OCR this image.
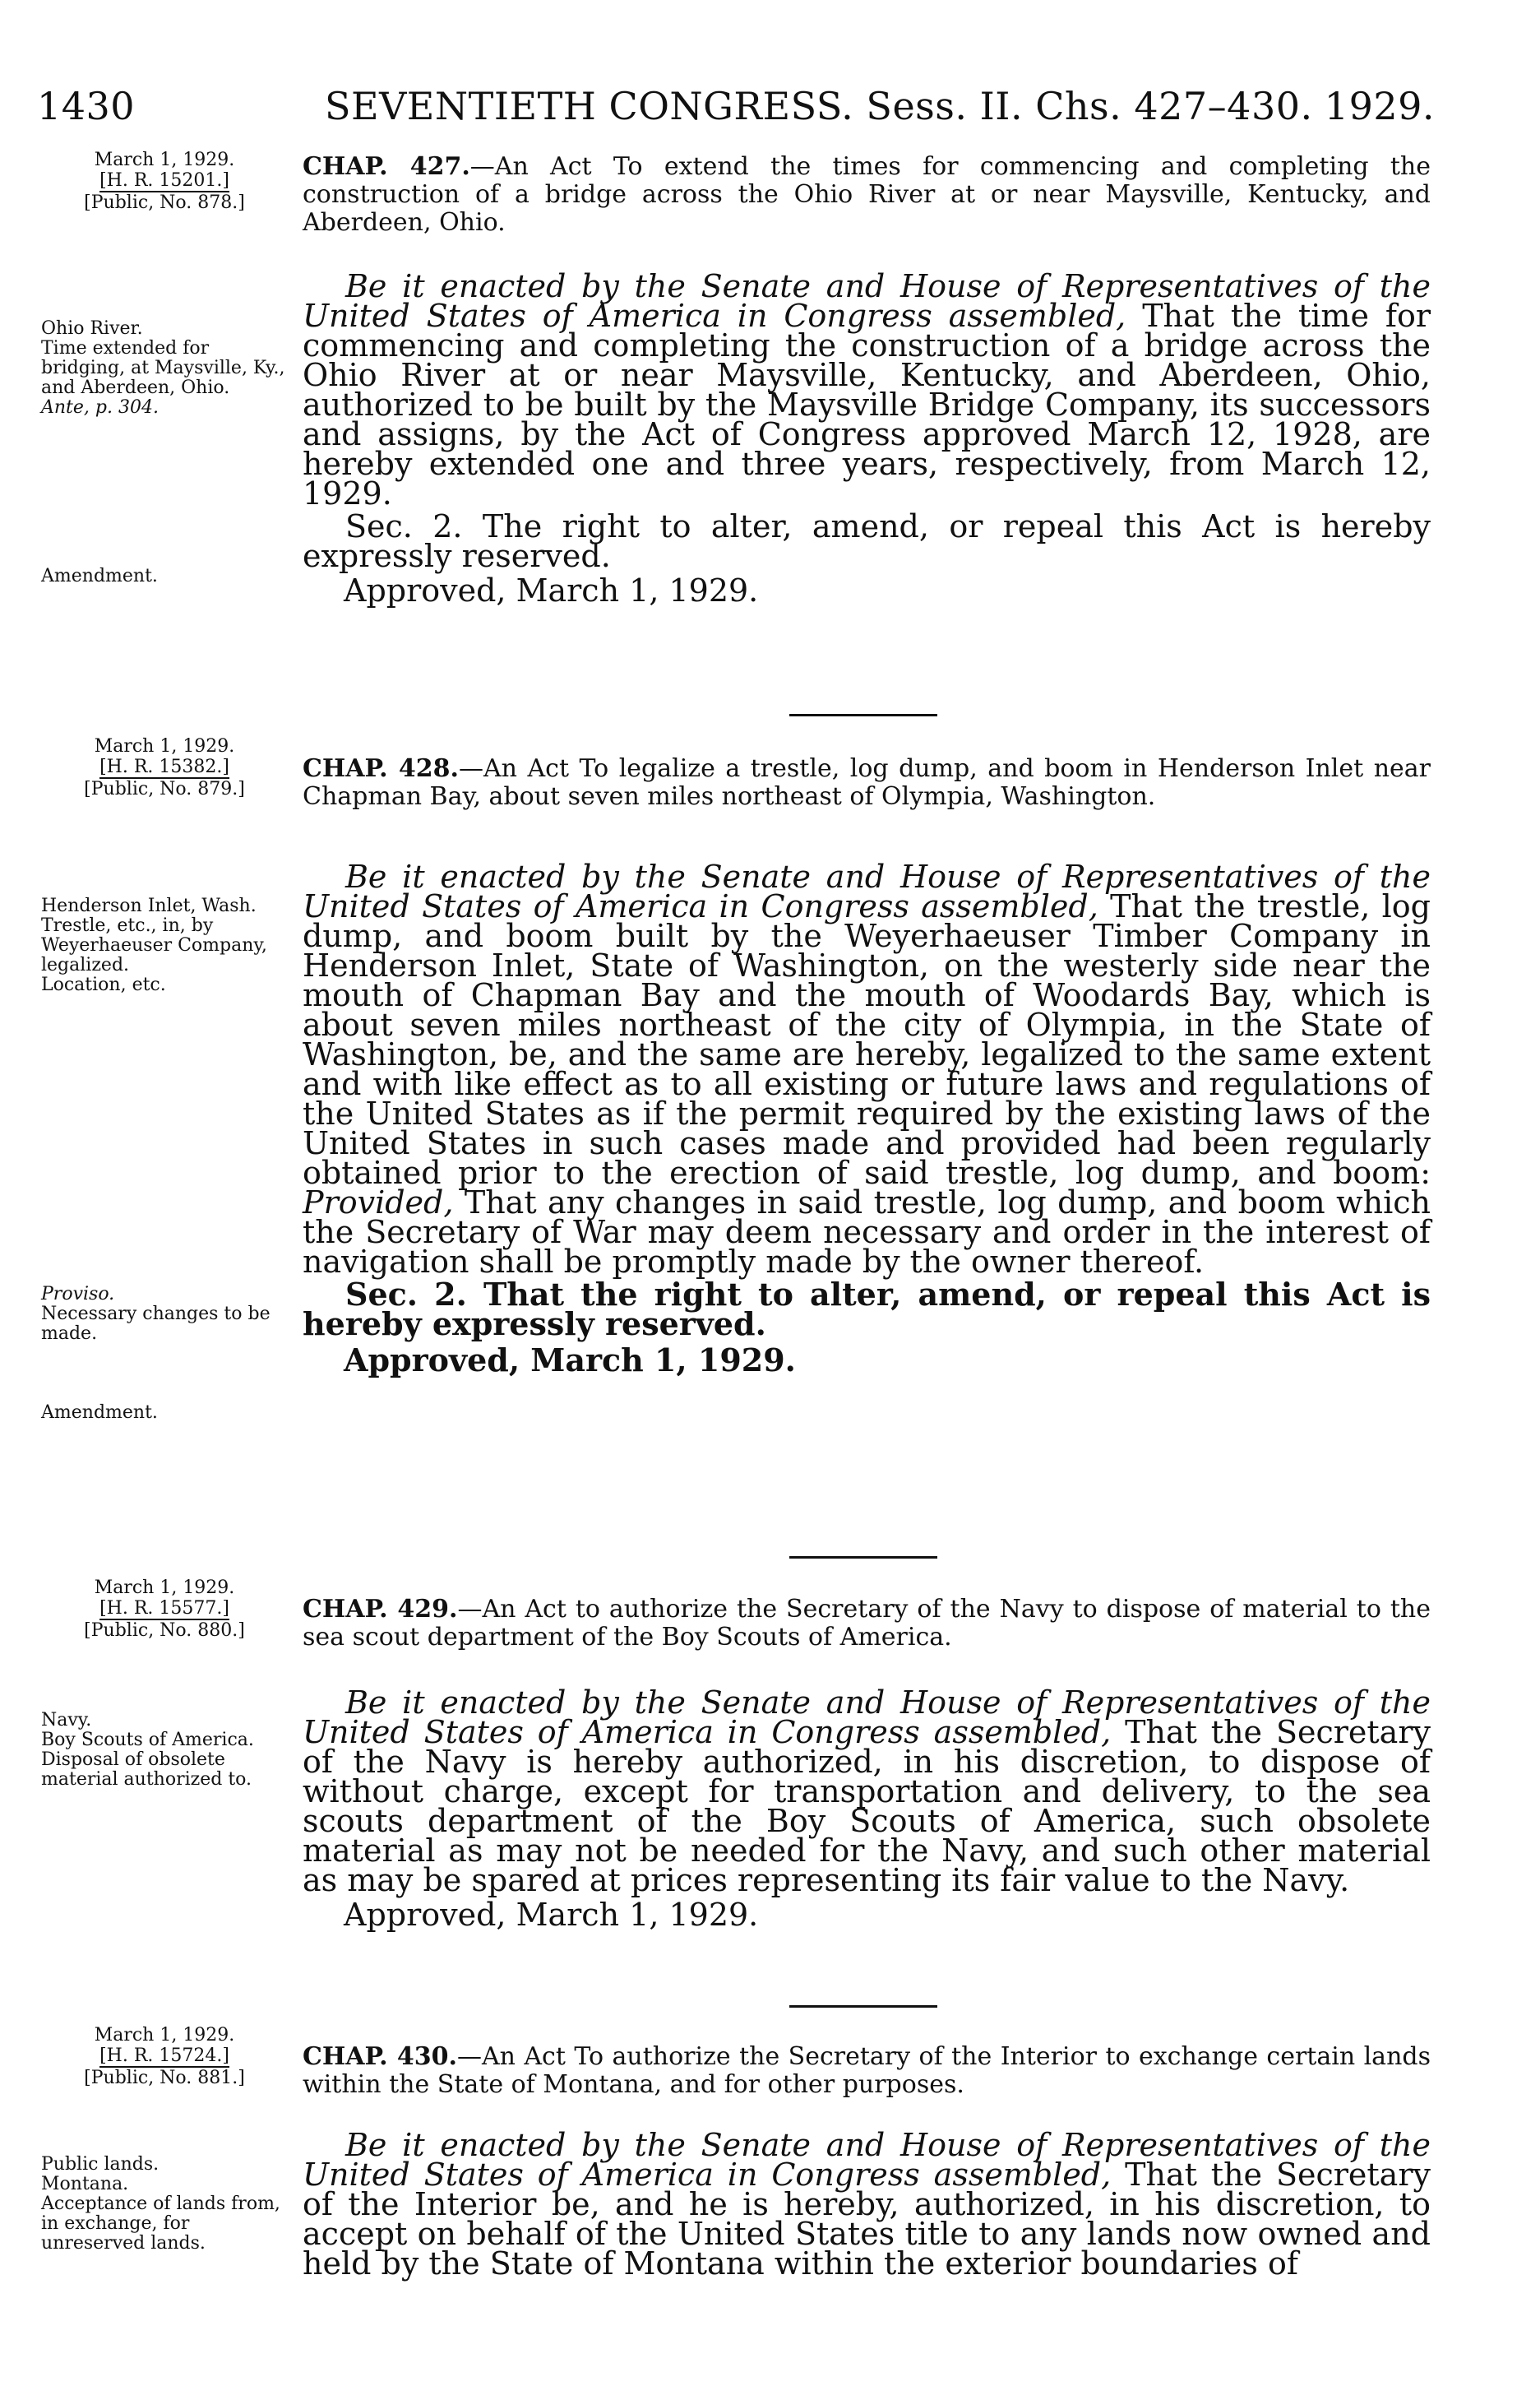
1430	SEVENTIETH CONGRESS. Sess. II. Chs. 427–430. 1929.
March 1, 1929.
[H. R. 15201.]
[Public, No. 878.]

CHAP. 427.—An Act To extend the times for commencing and completing the construction of a bridge across the Ohio River at or near Maysville, Kentucky, and Aberdeen, Ohio.

Ohio River.

Time extended for bridging, at Maysville, Ky., and Aberdeen, Ohio.

Ante, p. 304.

Be it enacted by the Senate and House of Representatives of the United States of America in Congress assembled, That the time for commencing and completing the construction of a bridge across the Ohio River at or near Maysville, Kentucky, and Aberdeen, Ohio, authorized to be built by the Maysville Bridge Company, its successors and assigns, by the Act of Congress approved March 12, 1928, are hereby extended one and three years, respectively, from March 12, 1929.

Sec. 2. The right to alter, amend, or repeal this Act is hereby expressly reserved.

Approved, March 1, 1929.

Amendment.

March 1, 1929.
[H. R. 15382.]
[Public, No. 879.]

CHAP. 428.—An Act To legalize a trestle, log dump, and boom in Henderson Inlet near Chapman Bay, about seven miles northeast of Olympia, Washington.

Henderson Inlet, Wash.

Trestle, etc., in, by Weyerhaeuser Company, legalized.

Location, etc.

Be it enacted by the Senate and House of Representatives of the United States of America in Congress assembled, That the trestle, log dump, and boom built by the Weyerhaeuser Timber Company in Henderson Inlet, State of Washington, on the westerly side near the mouth of Chapman Bay and the mouth of Woodards Bay, which is about seven miles northeast of the city of Olympia, in the State of Washington, be, and the same are hereby, legalized to the same extent and with like effect as to all existing or future laws and regulations of the United States as if the permit required by the existing laws of the United States in such cases made and provided had been regularly obtained prior to the erection of said trestle, log dump, and boom: Provided, That any changes in said trestle, log dump, and boom which the Secretary of War may deem necessary and order in the interest of navigation shall be promptly made by the owner thereof.

Sec. 2. That the right to alter, amend, or repeal this Act is hereby expressly reserved.

Approved, March 1, 1929.

Proviso.

Necessary changes to be made.

Amendment.

March 1, 1929.
[H. R. 15577.]
[Public, No. 880.]

CHAP. 429.—An Act to authorize the Secretary of the Navy to dispose of material to the sea scout department of the Boy Scouts of America.

Navy.

Boy Scouts of America.

Disposal of obsolete material authorized to.

Be it enacted by the Senate and House of Representatives of the United States of America in Congress assembled, That the Secretary of the Navy is hereby authorized, in his discretion, to dispose of without charge, except for transportation and delivery, to the sea scouts department of the Boy Scouts of America, such obsolete material as may not be needed for the Navy, and such other material as may be spared at prices representing its fair value to the Navy.

Approved, March 1, 1929.

March 1, 1929.
[H. R. 15724.]
[Public, No. 881.]

CHAP. 430.—An Act To authorize the Secretary of the Interior to exchange certain lands within the State of Montana, and for other purposes.

Public lands.

Montana.

Acceptance of lands from, in exchange, for unreserved lands.

Be it enacted by the Senate and House of Representatives of the United States of America in Congress assembled, That the Secretary of the Interior be, and he is hereby, authorized, in his discretion, to accept on behalf of the United States title to any lands now owned and held by the State of Montana within the exterior boundaries of
